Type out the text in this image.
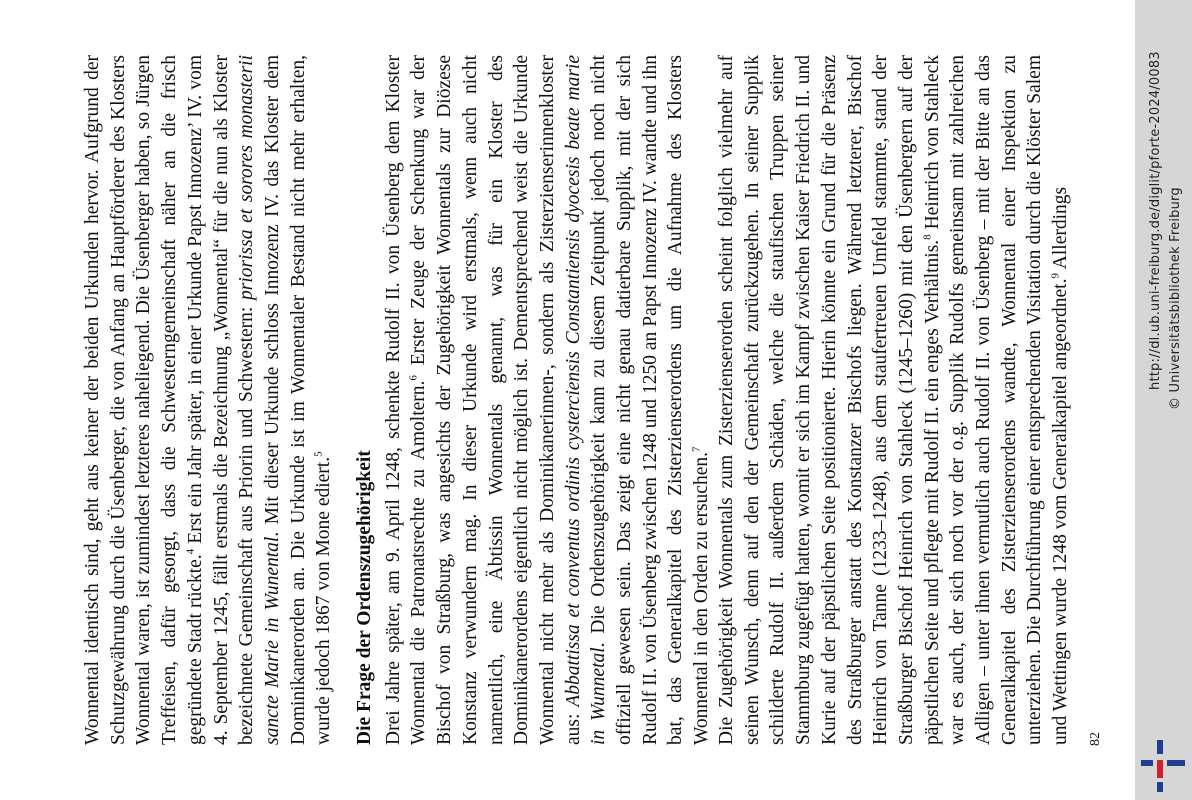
82

Wonnental identisch sind, geht aus keiner der beiden Urkunden hervor. Aufgrund der Schutzgewährung durch die Üsenberger, die von Anfang an Hauptförderer des Klosters Wonnental waren, ist zumindest letzteres naheliegend. Die Üsenberger haben, so Jürgen Treffeisen, dafür gesorgt, dass die Schwesterngemeinschaft näher an die frisch gegründete Stadt rückte.$^4$ Erst ein Jahr später, in einer Urkunde Papst Innozenz’ IV. vom 4. September 1245, fällt erstmals die Bezeichnung „Wonnental“ für die nun als Kloster bezeichnete Gemeinschaft aus Priorin und Schwestern: priorissa et sorores monasterii sancte Marie in Wunental. Mit dieser Urkunde schloss Innozenz IV. das Kloster dem Dominikanerorden an. Die Urkunde ist im Wonnentaler Bestand nicht mehr erhalten, wurde jedoch 1867 von Mone ediert.$^5$	Die Frage der Ordenszugehörigkeit Drei Jahre später, am 9. April 1248, schenkte Rudolf II. von Üsenberg dem Kloster Wonnental die Patronatsrechte zu Amoltern.$^6$ Erster Zeuge der Schenkung war der Bischof von Straßburg, was angesichts der Zugehörigkeit Wonnentals zur Diözese Konstanz verwundern mag. In dieser Urkunde wird erstmals, wenn auch nicht namentlich, eine Äbtissin Wonnentals genannt, was für ein Kloster des Dominikanerordens eigentlich nicht möglich ist. Dementsprechend weist die Urkunde Wonnental nicht mehr als Dominikanerinnen-, sondern als Zisterzienserinnenkloster aus: Abbattissa et conventus ordinis cysterciensis Constantiensis dyocesis beate marie in Wunnetal. Die Ordenszugehörigkeit kann zu diesem Zeitpunkt jedoch noch nicht offiziell gewesen sein. Das zeigt eine nicht genau datierbare Supplik, mit der sich Rudolf II. von Üsenberg zwischen 1248 und 1250 an Papst Innozenz IV. wandte und ihn bat, das Generalkapitel des Zisterzienserordens um die Aufnahme des Klosters Wonnental in den Orden zu ersuchen.$^7$ Die Zugehörigkeit Wonnentals zum Zisterzienserorden scheint folglich vielmehr auf seinen Wunsch, denn auf den der Gemeinschaft zurückzugehen. In seiner Supplik schilderte Rudolf II. außerdem Schäden, welche die staufischen Truppen seiner Stammburg zugefügt hatten, womit er sich im Kampf zwischen Kaiser Friedrich II. und Kurie auf der päpstlichen Seite positionierte. Hierin könnte ein Grund für die Präsenz des Straßburger anstatt des Konstanzer Bischofs liegen. Während letzterer, Bischof Heinrich von Tanne (1233–1248), aus dem staufertreuen Umfeld stammte, stand der Straßburger Bischof Heinrich von Stahleck (1245–1260) mit den Üsenbergern auf der päpstlichen Seite und pflegte mit Rudolf II. ein enges Verhältnis.$^8$ Heinrich von Stahleck war es auch, der sich noch vor der o.g. Supplik Rudolfs gemeinsam mit zahlreichen Adligen – unter ihnen vermutlich auch Rudolf II. von Üsenberg – mit der Bitte an das Generalkapitel des Zisterzienserordens wandte, Wonnental einer Inspektion zu unterziehen. Die Durchführung einer entsprechenden Visitation durch die Klöster Salem und Wettingen wurde 1248 vom Generalkapitel angeordnet.$^9$ Allerdings	http://dl.ub.uni-freiburg.de/diglit/pforte-2024/0083 © Universitätsbibliothek Freiburg
